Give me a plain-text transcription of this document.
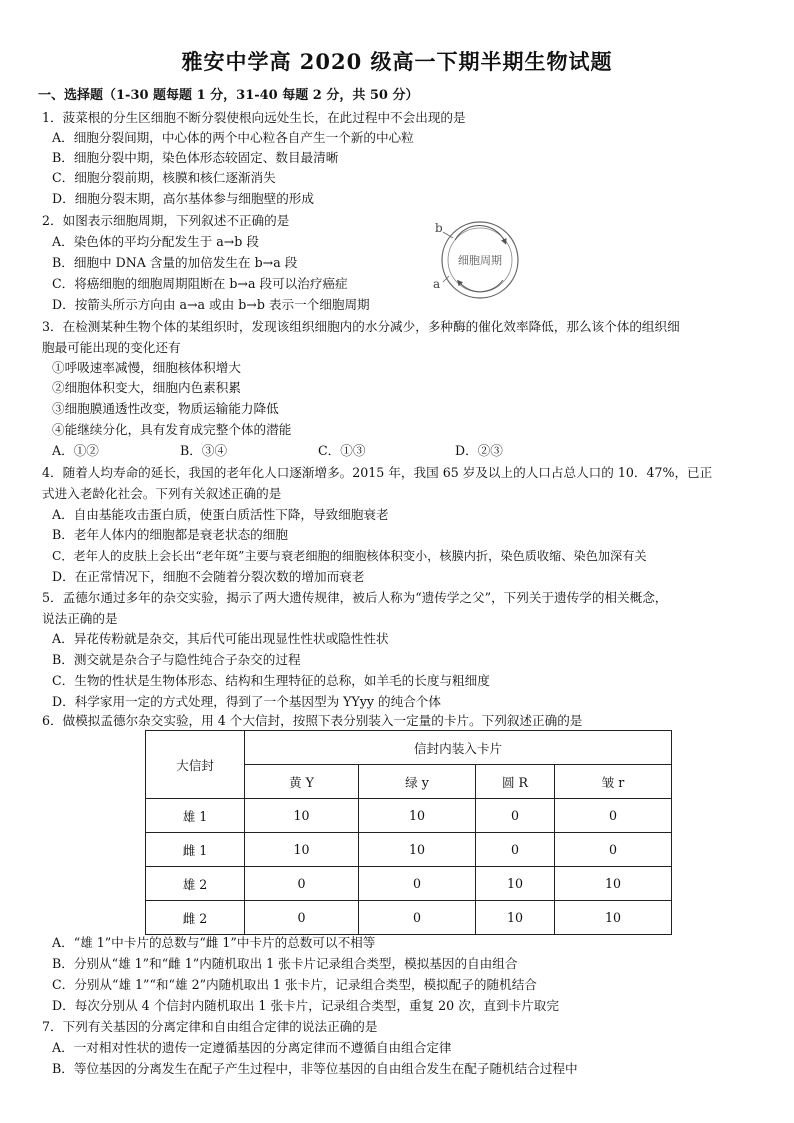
雅安中学高 2020 级高一下期半期生物试题
一、选择题（1-30 题每题 1 分，31-40 每题 2 分，共 50 分）
1．菠菜根的分生区细胞不断分裂使根向远处生长，在此过程中不会出现的是
A．细胞分裂间期，中心体的两个中心粒各自产生一个新的中心粒
B．细胞分裂中期，染色体形态较固定、数目最清晰
C．细胞分裂前期，核膜和核仁逐渐消失
D．细胞分裂末期，高尔基体参与细胞壁的形成
2．如图表示细胞周期，下列叙述不正确的是
A．染色体的平均分配发生于 a→b 段
B．细胞中 DNA 含量的加倍发生在 b→a 段
C．将癌细胞的细胞周期阻断在 b→a 段可以治疗癌症
D．按箭头所示方向由 a→a 或由 b→b 表示一个细胞周期
细胞周期
b
a
3．在检测某种生物个体的某组织时，发现该组织细胞内的水分减少，多种酶的催化效率降低，那么该个体的组织细
胞最可能出现的变化还有
①呼吸速率减慢，细胞核体积增大
②细胞体积变大，细胞内色素积累
③细胞膜通透性改变，物质运输能力降低
④能继续分化，具有发育成完整个体的潜能
A．①②	B．③④	C．①③	D．②③
4．随着人均寿命的延长，我国的老年化人口逐渐增多。2015 年，我国 65 岁及以上的人口占总人口的 10．47%，已正
式进入老龄化社会。下列有关叙述正确的是
A．自由基能攻击蛋白质，使蛋白质活性下降，导致细胞衰老
B．老年人体内的细胞都是衰老状态的细胞
C．老年人的皮肤上会长出“老年斑”主要与衰老细胞的细胞核体积变小，核膜内折，染色质收缩、染色加深有关
D．在正常情况下，细胞不会随着分裂次数的增加而衰老
5．孟德尔通过多年的杂交实验，揭示了两大遗传规律，被后人称为“遗传学之父”，下列关于遗传学的相关概念，
说法正确的是
A．异花传粉就是杂交，其后代可能出现显性性状或隐性性状
B．测交就是杂合子与隐性纯合子杂交的过程
C．生物的性状是生物体形态、结构和生理特征的总称，如羊毛的长度与粗细度
D．科学家用一定的方式处理，得到了一个基因型为 YYyy 的纯合个体
6．做模拟孟德尔杂交实验，用 4 个大信封，按照下表分别装入一定量的卡片。下列叙述正确的是
大信封	信封内装入卡片			
	黄 Y	绿 y	圆 R	皱 r
雄 1	10	10	0	0
雌 1	10	10	0	0
雄 2	0	0	10	10
雌 2	0	0	10	10
A．“雄 1”中卡片的总数与“雌 1”中卡片的总数可以不相等
B．分别从“雄 1”和“雌 1”内随机取出 1 张卡片记录组合类型，模拟基因的自由组合
C．分别从“雄 1”“和“雄 2”内随机取出 1 张卡片，记录组合类型，模拟配子的随机结合
D．每次分别从 4 个信封内随机取出 1 张卡片，记录组合类型，重复 20 次，直到卡片取完
7．下列有关基因的分离定律和自由组合定律的说法正确的是
A．一对相对性状的遗传一定遵循基因的分离定律而不遵循自由组合定律
B．等位基因的分离发生在配子产生过程中，非等位基因的自由组合发生在配子随机结合过程中
